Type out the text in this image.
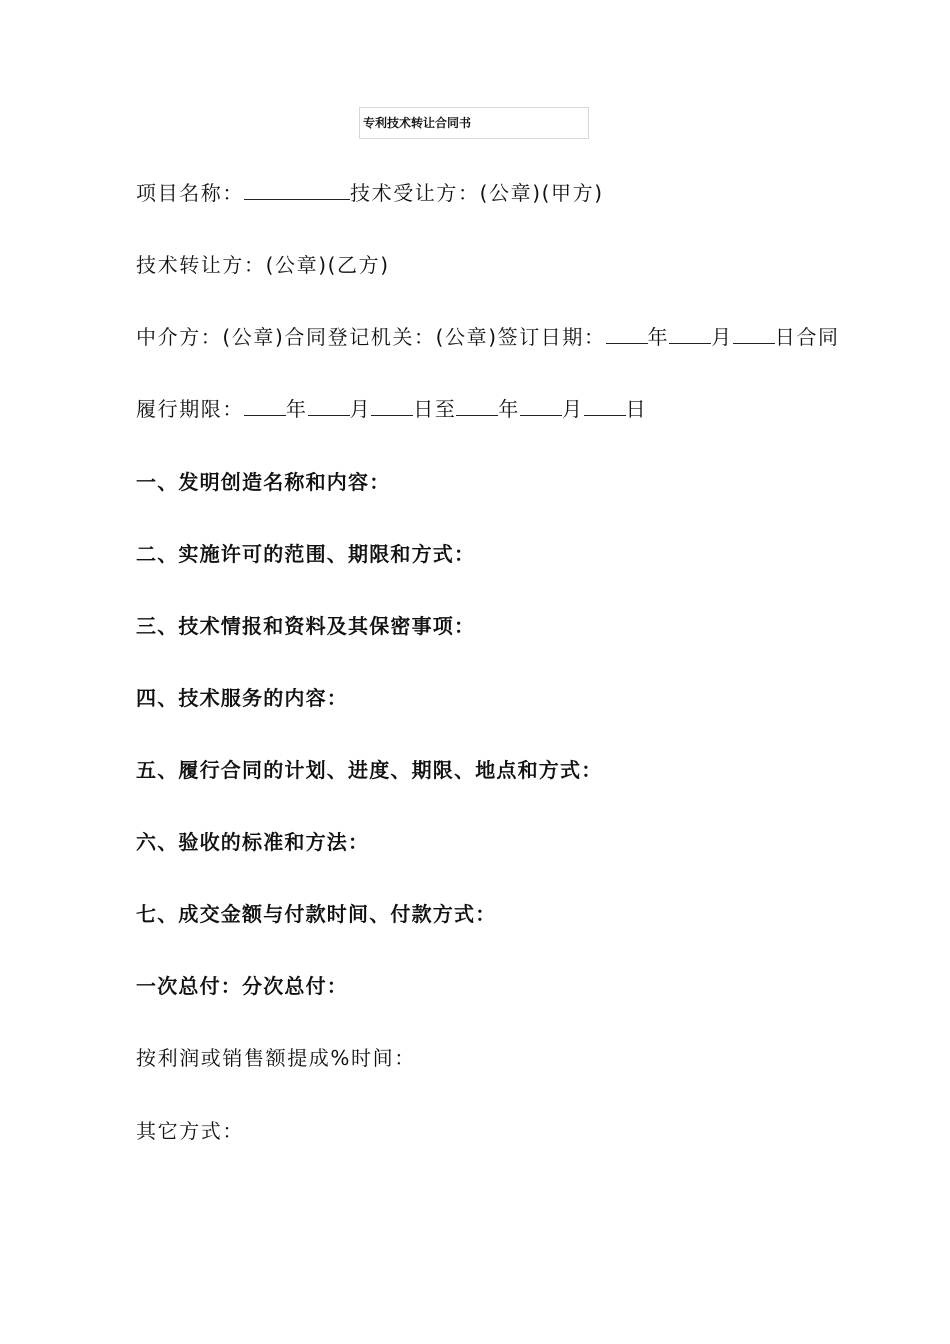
专利技术转让合同书
项目名称：	技术受让方：(公章)(甲方)
技术转让方：(公章)(乙方)
中介方：(公章)合同登记机关：(公章)签订日期： 年 月 日合同
履行期限： 年 月 日至 年 月 日
一、发明创造名称和内容：
二、实施许可的范围、期限和方式：
三、技术情报和资料及其保密事项：
四、技术服务的内容：
五、履行合同的计划、进度、期限、地点和方式：
六、验收的标准和方法：
七、成交金额与付款时间、付款方式：
一次总付：分次总付：
按利润或销售额提成%时间：
其它方式：
